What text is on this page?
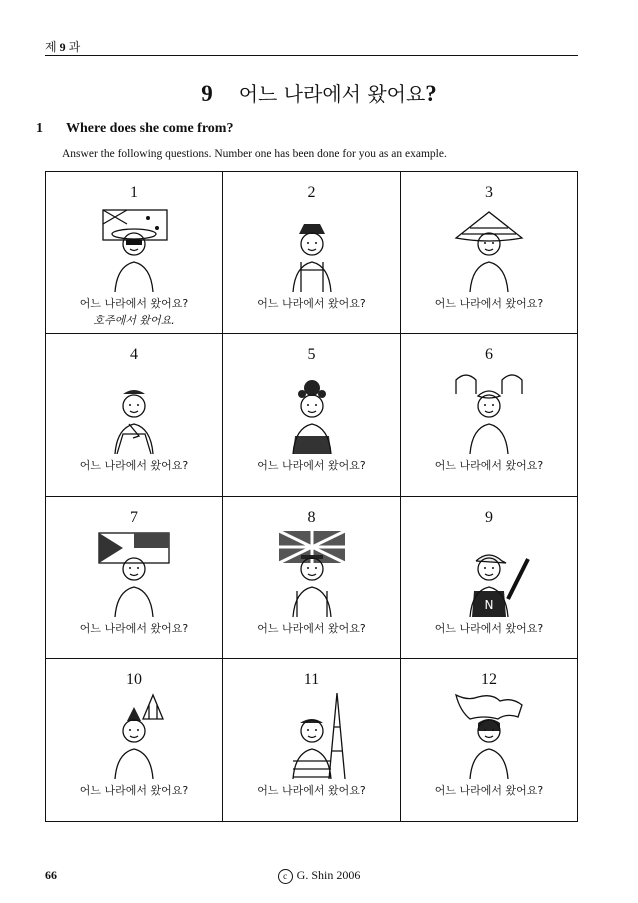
제 9 과
9 어느 나라에서 왔어요?
1 Where does she come from?
Answer the following questions. Number one has been done for you as an example.
1
어느 나라에서 왔어요?
호주에서 왔어요.
2
어느 나라에서 왔어요?
3
어느 나라에서 왔어요?
4
어느 나라에서 왔어요?
5
어느 나라에서 왔어요?
6
어느 나라에서 왔어요?
7
어느 나라에서 왔어요?
8
어느 나라에서 왔어요?
9
N
어느 나라에서 왔어요?
10
어느 나라에서 왔어요?
11
어느 나라에서 왔어요?
12
어느 나라에서 왔어요?
66	c G. Shin 2006
